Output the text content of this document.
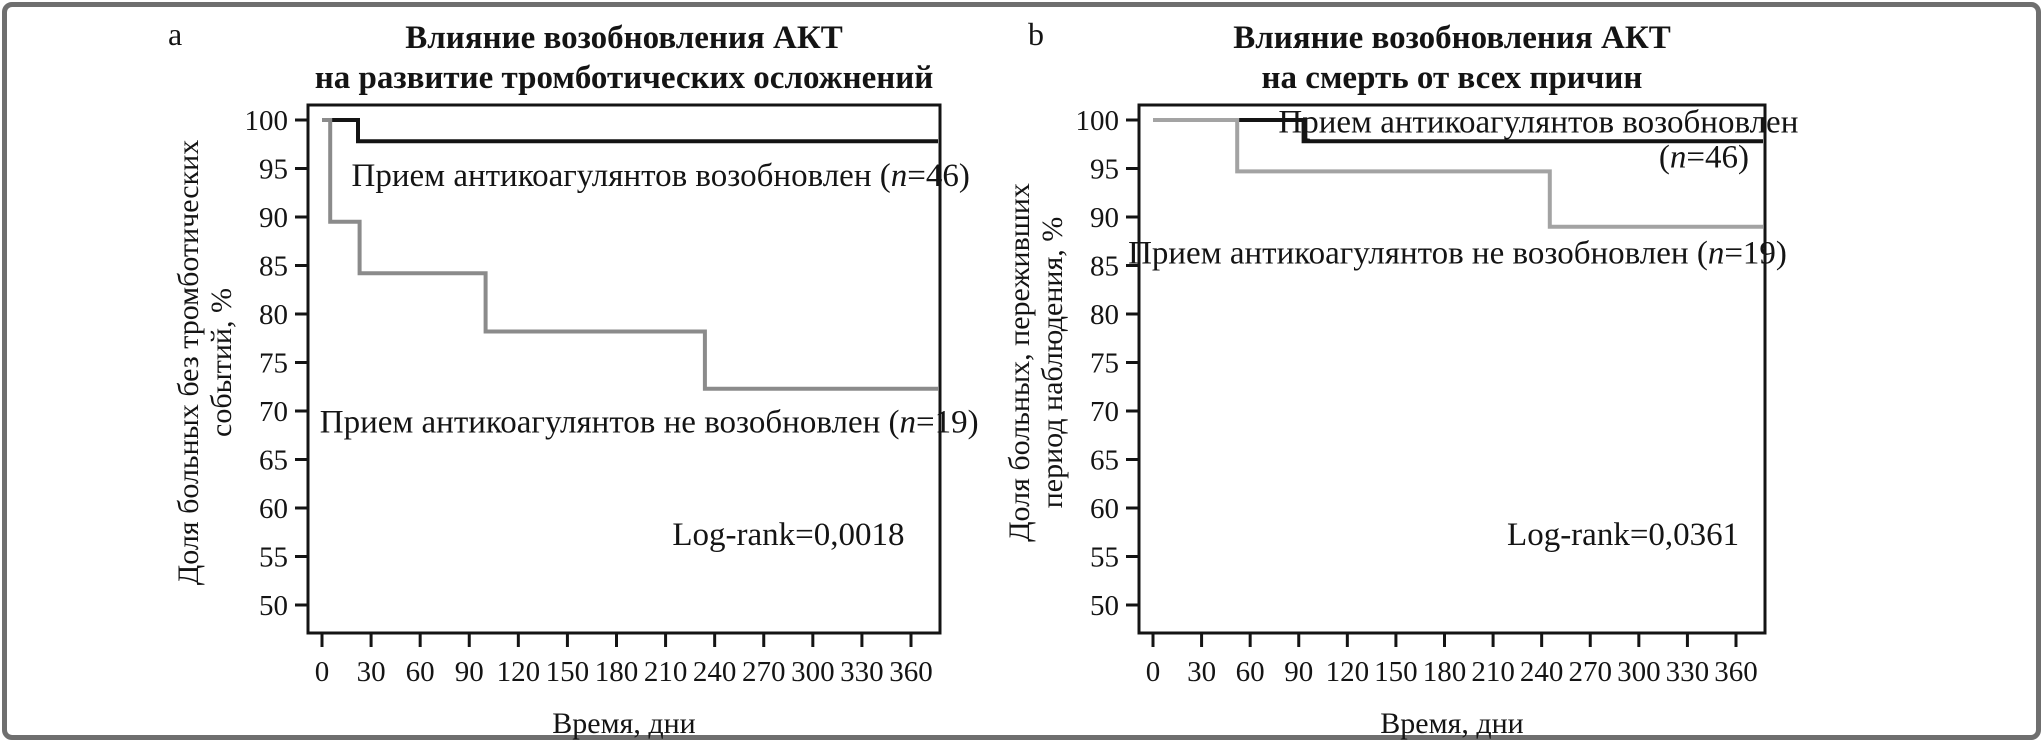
a	b
Влияние возобновления АКТ
на развитие тромботических осложнений
Влияние возобновления АКТ
на смерть от всех причин
0 30 60 90 120 150 180 210 240 270 300 330 360
Время, дни
50
55
60
65
70
75
80
85
90
95
100
Доля больных без тромботических событий, %
Прием антикоагулянтов возобновлен (n=46)
Прием антикоагулянтов не возобновлен (n=19)
Log-rank=0,0018
0 30 60 90 120 150 180 210 240 270 300 330 360
Время, дни
50
55
60
65
70
75
80
85
90
95
100
Доля больных, переживших период наблюдения, %
Прием антикоагулянтов возобновлен
(n=46)
Прием антикоагулянтов не возобновлен (n=19)
Log-rank=0,0361
